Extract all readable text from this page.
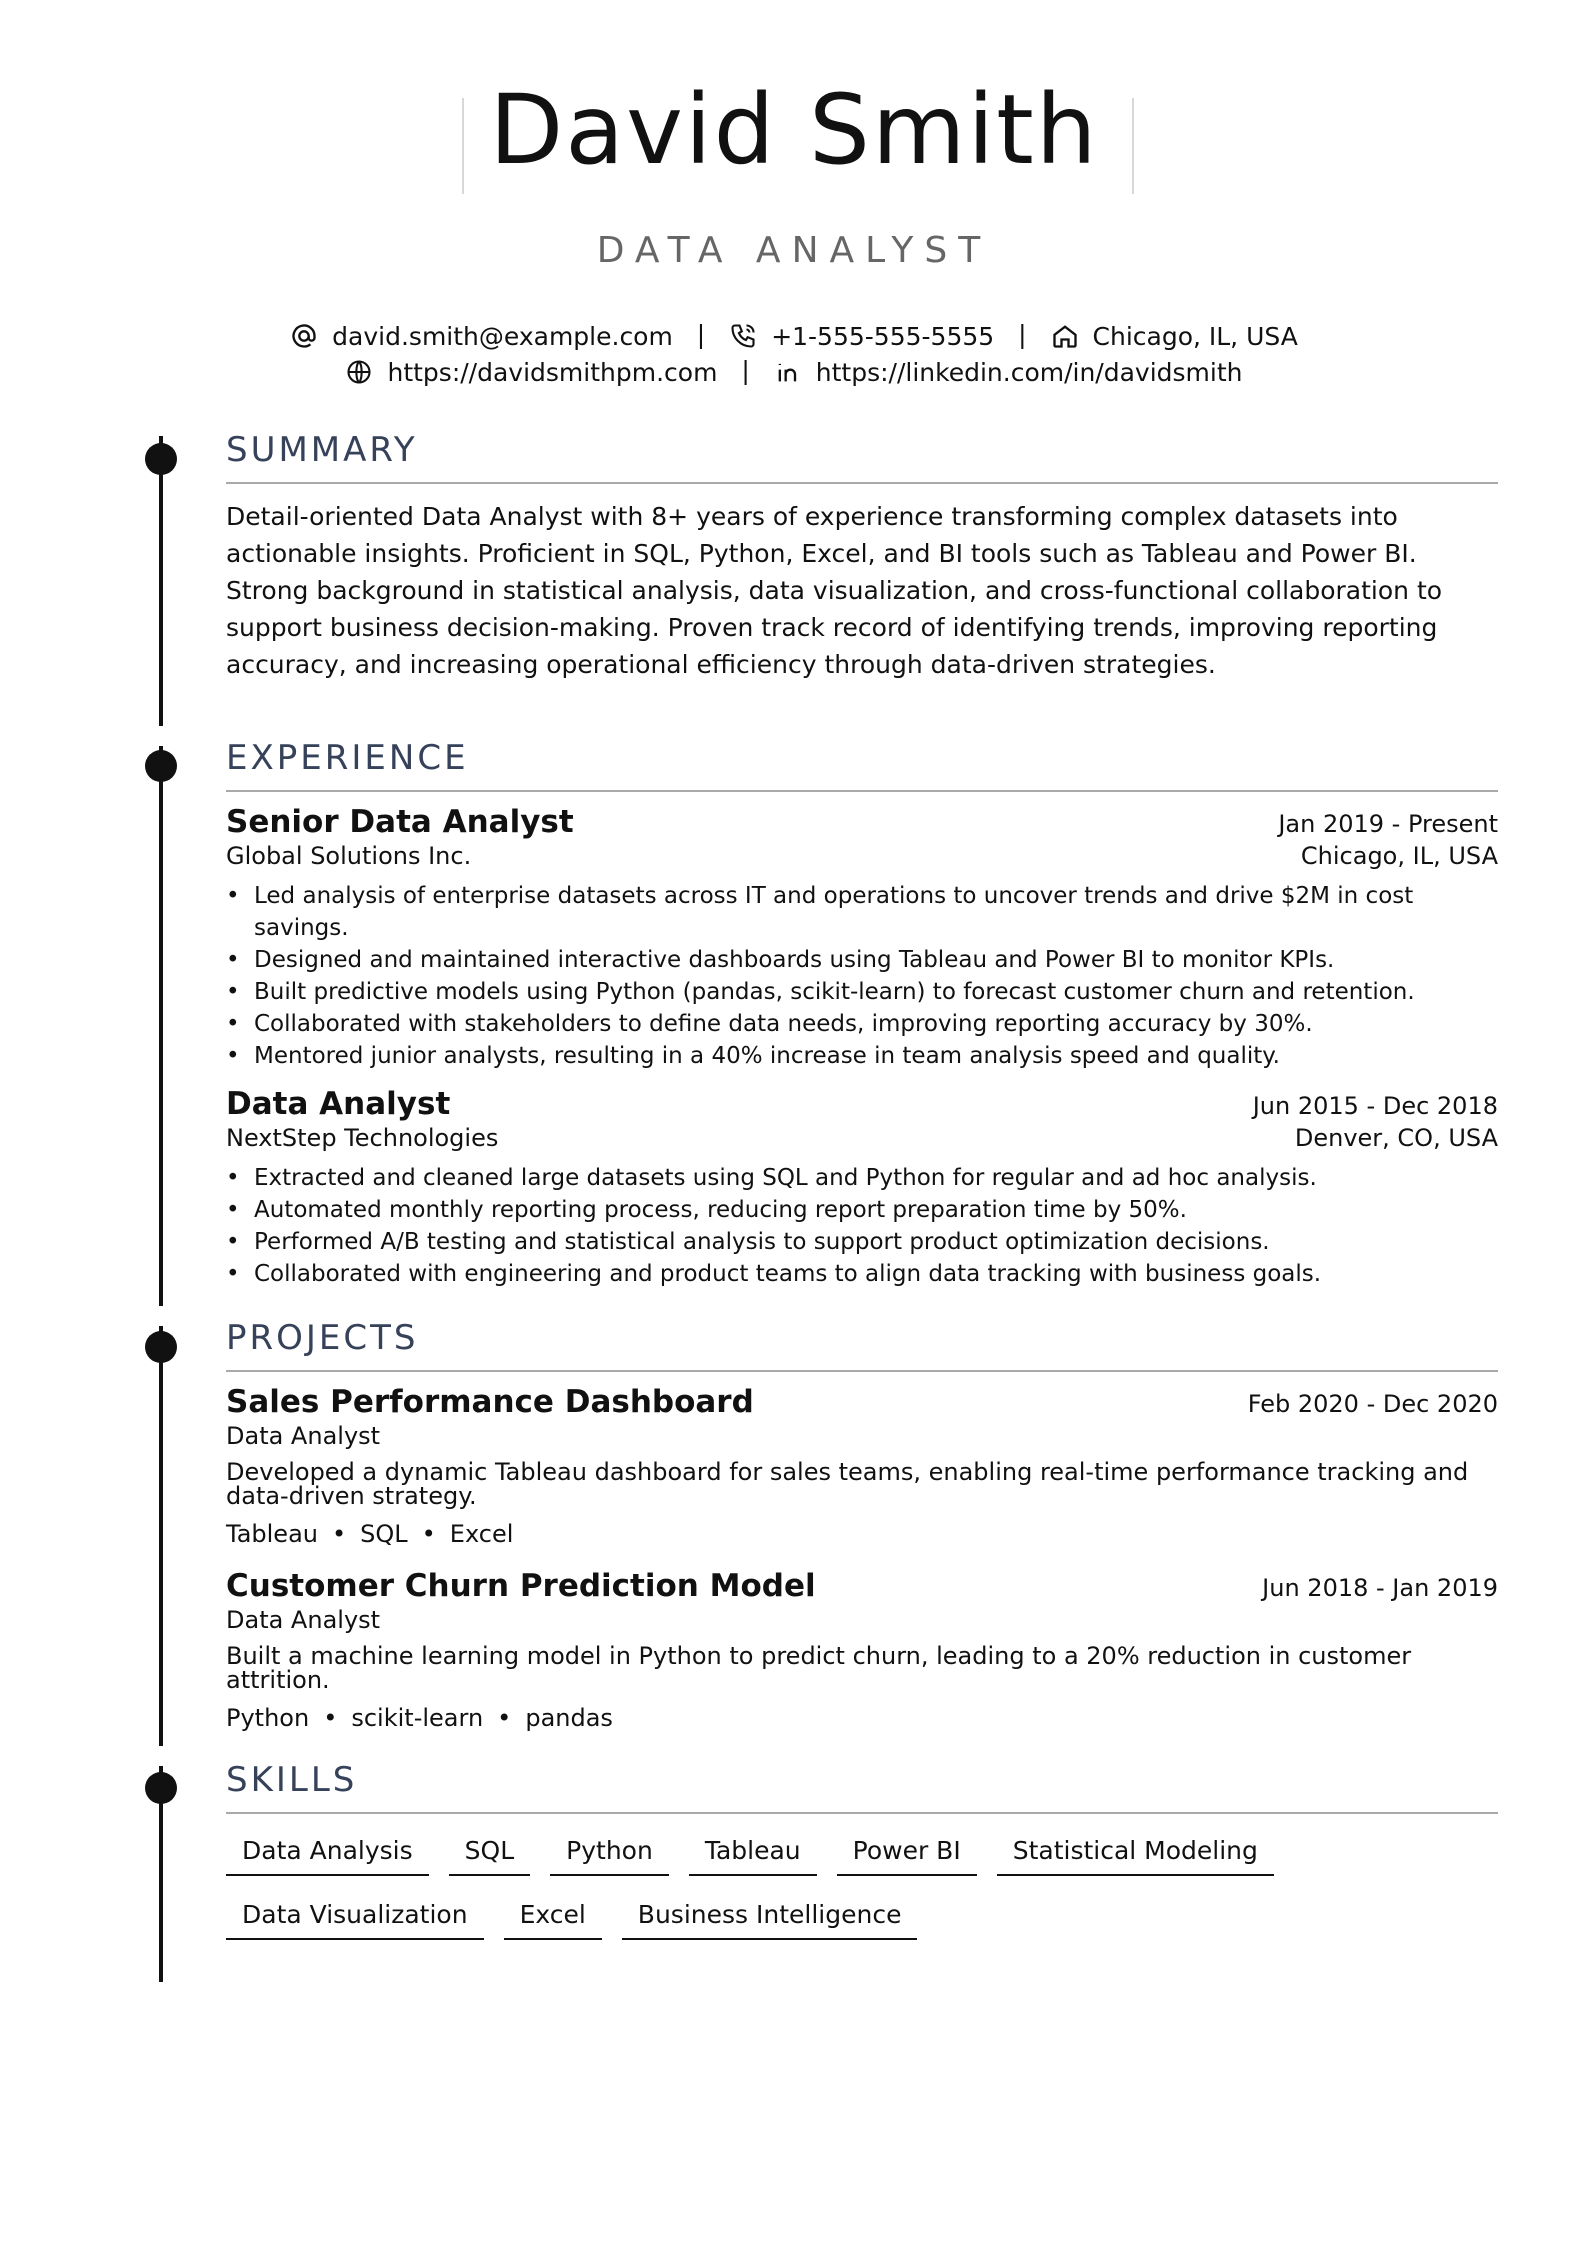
David Smith
DATA ANALYST
david.smith@example.com |	+1-555-555-5555 |	Chicago, IL, USA
https://davidsmithpm.com |	https://linkedin.com/in/davidsmith
SUMMARY
Detail-oriented Data Analyst with 8+ years of experience transforming complex datasets into actionable insights. Proficient in SQL, Python, Excel, and BI tools such as Tableau and Power BI. Strong background in statistical analysis, data visualization, and cross-functional collaboration to support business decision-making. Proven track record of identifying trends, improving reporting accuracy, and increasing operational efficiency through data-driven strategies.
EXPERIENCE
Senior Data Analyst	Jan 2019 - Present
Global Solutions Inc.	Chicago, IL, USA
• Led analysis of enterprise datasets across IT and operations to uncover trends and drive $2M in cost savings.
• Designed and maintained interactive dashboards using Tableau and Power BI to monitor KPIs.
• Built predictive models using Python (pandas, scikit-learn) to forecast customer churn and retention.
• Collaborated with stakeholders to define data needs, improving reporting accuracy by 30%.
• Mentored junior analysts, resulting in a 40% increase in team analysis speed and quality.
Data Analyst	Jun 2015 - Dec 2018
NextStep Technologies	Denver, CO, USA
• Extracted and cleaned large datasets using SQL and Python for regular and ad hoc analysis.
• Automated monthly reporting process, reducing report preparation time by 50%.
• Performed A/B testing and statistical analysis to support product optimization decisions.
• Collaborated with engineering and product teams to align data tracking with business goals.
PROJECTS
Sales Performance Dashboard	Feb 2020 - Dec 2020
Data Analyst
Developed a dynamic Tableau dashboard for sales teams, enabling real-time performance tracking and data-driven strategy.
Tableau • SQL • Excel
Customer Churn Prediction Model	Jun 2018 - Jan 2019
Data Analyst
Built a machine learning model in Python to predict churn, leading to a 20% reduction in customer attrition.
Python • scikit-learn • pandas
SKILLS
Data Analysis	SQL	Python	Tableau	Power BI	Statistical Modeling
Data Visualization	Excel	Business Intelligence
